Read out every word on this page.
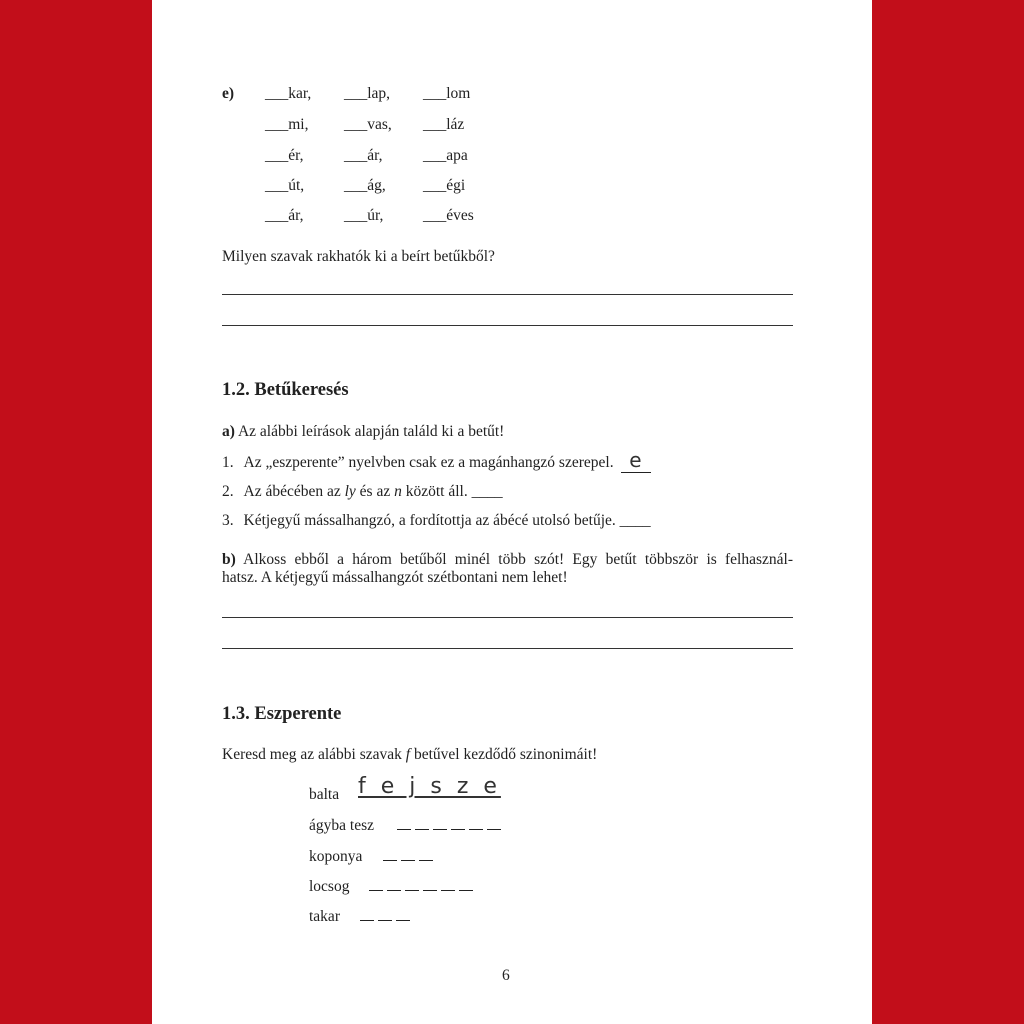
e) ___kar, ___lap, ___lom
___mi, ___vas, ___láz
___ér,	___ár,	___apa
___út,	___ág, ___égi
___ár,	___úr,	___éves
Milyen szavak rakhatók ki a beírt betűkből?
1.2. Betűkeresés
a) Az alábbi leírások alapján találd ki a betűt!
1. Az „eszperente” nyelvben csak ez a magánhangzó szerepel. e
2. Az ábécében az ly és az n között áll. ____
3. Kétjegyű mássalhangzó, a fordítottja az ábécé utolsó betűje. ____
b) Alkoss ebből a három betűből minél több szót! Egy betűt többször is felhasznál-
hatsz. A kétjegyű mássalhangzót szétbontani nem lehet!
1.3. Eszperente
Keresd meg az alábbi szavak f betűvel kezdődő szinonimáit!
balta f e j s z e
ágyba tesz
koponya
locsog
takar
6
